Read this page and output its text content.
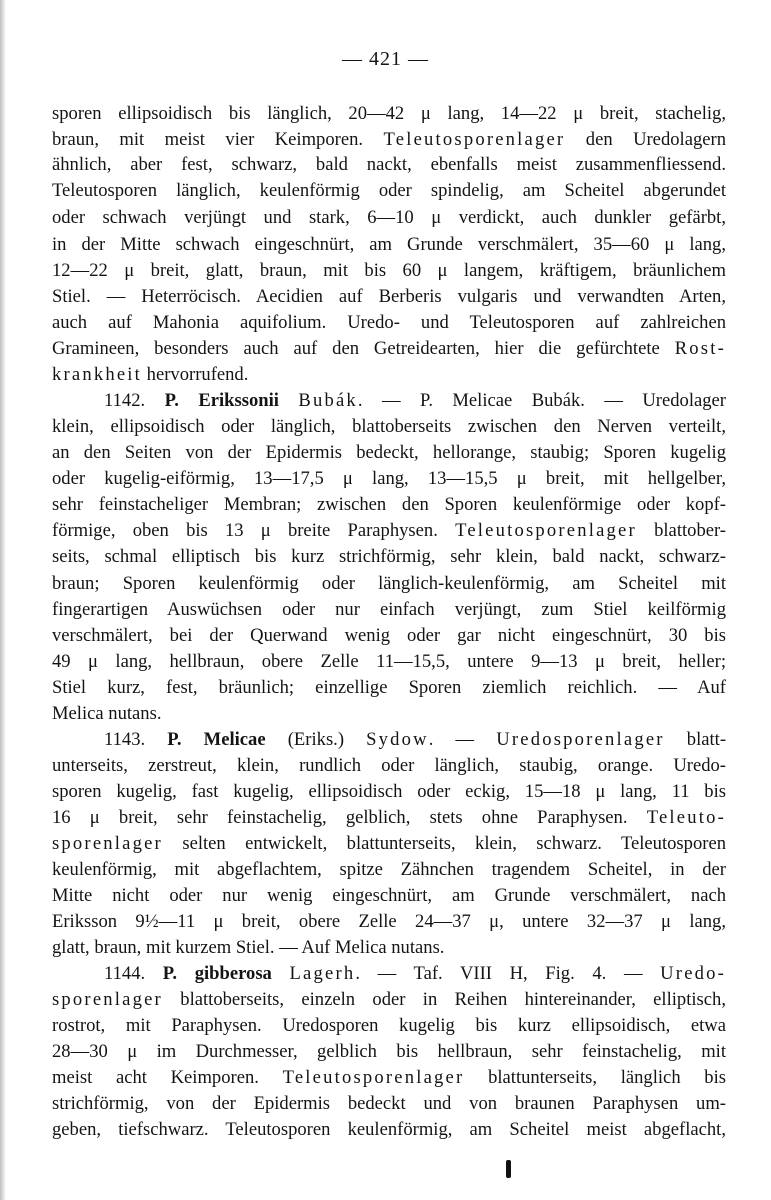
— 421 —
sporen ellipsoidisch bis länglich, 20—42 μ lang, 14—22 μ breit, stachelig,
braun, mit meist vier Keimporen. Teleutosporenlager den Uredolagern
ähnlich, aber fest, schwarz, bald nackt, ebenfalls meist zusammenfliessend.
Teleutosporen länglich, keulenförmig oder spindelig, am Scheitel abgerundet
oder schwach verjüngt und stark, 6—10 μ verdickt, auch dunkler gefärbt,
in der Mitte schwach eingeschnürt, am Grunde verschmälert, 35—60 μ lang,
12—22 μ breit, glatt, braun, mit bis 60 μ langem, kräftigem, bräunlichem
Stiel. — Heterröcisch. Aecidien auf Berberis vulgaris und verwandten Arten,
auch auf Mahonia aquifolium. Uredo- und Teleutosporen auf zahlreichen
Gramineen, besonders auch auf den Getreidearten, hier die gefürchtete Rost-
krankheit hervorrufend.
1142. P. Erikssonii Bubák. — P. Melicae Bubák. — Uredolager
klein, ellipsoidisch oder länglich, blattoberseits zwischen den Nerven verteilt,
an den Seiten von der Epidermis bedeckt, hellorange, staubig; Sporen kugelig
oder kugelig-eiförmig, 13—17,5 μ lang, 13—15,5 μ breit, mit hellgelber,
sehr feinstacheliger Membran; zwischen den Sporen keulenförmige oder kopf-
förmige, oben bis 13 μ breite Paraphysen. Teleutosporenlager blattober-
seits, schmal elliptisch bis kurz strichförmig, sehr klein, bald nackt, schwarz-
braun; Sporen keulenförmig oder länglich-keulenförmig, am Scheitel mit
fingerartigen Auswüchsen oder nur einfach verjüngt, zum Stiel keilförmig
verschmälert, bei der Querwand wenig oder gar nicht eingeschnürt, 30 bis
49 μ lang, hellbraun, obere Zelle 11—15,5, untere 9—13 μ breit, heller;
Stiel kurz, fest, bräunlich; einzellige Sporen ziemlich reichlich. — Auf
Melica nutans.
1143. P. Melicae (Eriks.) Sydow. — Uredosporenlager blatt-
unterseits, zerstreut, klein, rundlich oder länglich, staubig, orange. Uredo-
sporen kugelig, fast kugelig, ellipsoidisch oder eckig, 15—18 μ lang, 11 bis
16 μ breit, sehr feinstachelig, gelblich, stets ohne Paraphysen. Teleuto-
sporenlager selten entwickelt, blattunterseits, klein, schwarz. Teleutosporen
keulenförmig, mit abgeflachtem, spitze Zähnchen tragendem Scheitel, in der
Mitte nicht oder nur wenig eingeschnürt, am Grunde verschmälert, nach
Eriksson 9½—11 μ breit, obere Zelle 24—37 μ, untere 32—37 μ lang,
glatt, braun, mit kurzem Stiel. — Auf Melica nutans.
1144. P. gibberosa Lagerh. — Taf. VIII H, Fig. 4. — Uredo-
sporenlager blattoberseits, einzeln oder in Reihen hintereinander, elliptisch,
rostrot, mit Paraphysen. Uredosporen kugelig bis kurz ellipsoidisch, etwa
28—30 μ im Durchmesser, gelblich bis hellbraun, sehr feinstachelig, mit
meist acht Keimporen. Teleutosporenlager blattunterseits, länglich bis
strichförmig, von der Epidermis bedeckt und von braunen Paraphysen um-
geben, tiefschwarz. Teleutosporen keulenförmig, am Scheitel meist abgeflacht,
